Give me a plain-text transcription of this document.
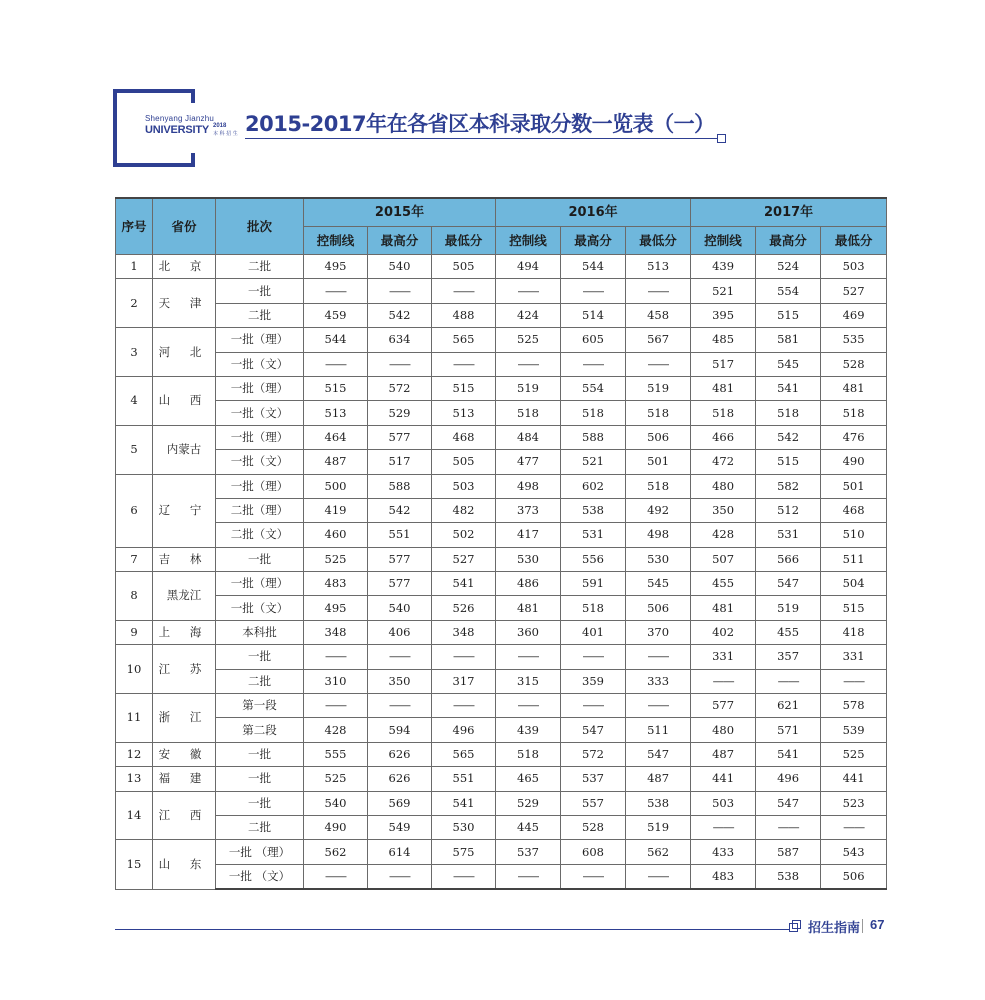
Shenyang Jianzhu
UNIVERSITY 2018
本 科 招 生 2015-2017年在各省区本科录取分数一览表（一）
序号	省份	批次	2015年			2016年			2017年		
			控制线	最高分	最低分	控制线	最高分	最低分	控制线	最高分	最低分
1	北 京	二批	495	540	505	494	544	513	439	524	503
2	天 津	一批	——	——	——	——	——	——	521	554	527
		二批	459	542	488	424	514	458	395	515	469
3	河 北	一批（理）	544	634	565	525	605	567	485	581	535
		一批（文）	——	——	——	——	——	——	517	545	528
4	山 西	一批（理）	515	572	515	519	554	519	481	541	481
		一批（文）	513	529	513	518	518	518	518	518	518
5	内蒙古	一批（理）	464	577	468	484	588	506	466	542	476
		一批（文）	487	517	505	477	521	501	472	515	490
6	辽 宁	一批（理）	500	588	503	498	602	518	480	582	501
		二批（理）	419	542	482	373	538	492	350	512	468
		二批（文）	460	551	502	417	531	498	428	531	510
7	吉 林	一批	525	577	527	530	556	530	507	566	511
8	黑龙江	一批（理）	483	577	541	486	591	545	455	547	504
		一批（文）	495	540	526	481	518	506	481	519	515
9	上 海	本科批	348	406	348	360	401	370	402	455	418
10	江 苏	一批	——	——	——	——	——	——	331	357	331
		二批	310	350	317	315	359	333	——	——	——
11	浙 江	第一段	——	——	——	——	——	——	577	621	578
		第二段	428	594	496	439	547	511	480	571	539
12	安 徽	一批	555	626	565	518	572	547	487	541	525
13	福 建	一批	525	626	551	465	537	487	441	496	441
14	江 西	一批	540	569	541	529	557	538	503	547	523
		二批	490	549	530	445	528	519	——	——	——
15	山 东	一批 （理）	562	614	575	537	608	562	433	587	543
		一批 （文）	——	——	——	——	——	——	483	538	506
招生指南 67
